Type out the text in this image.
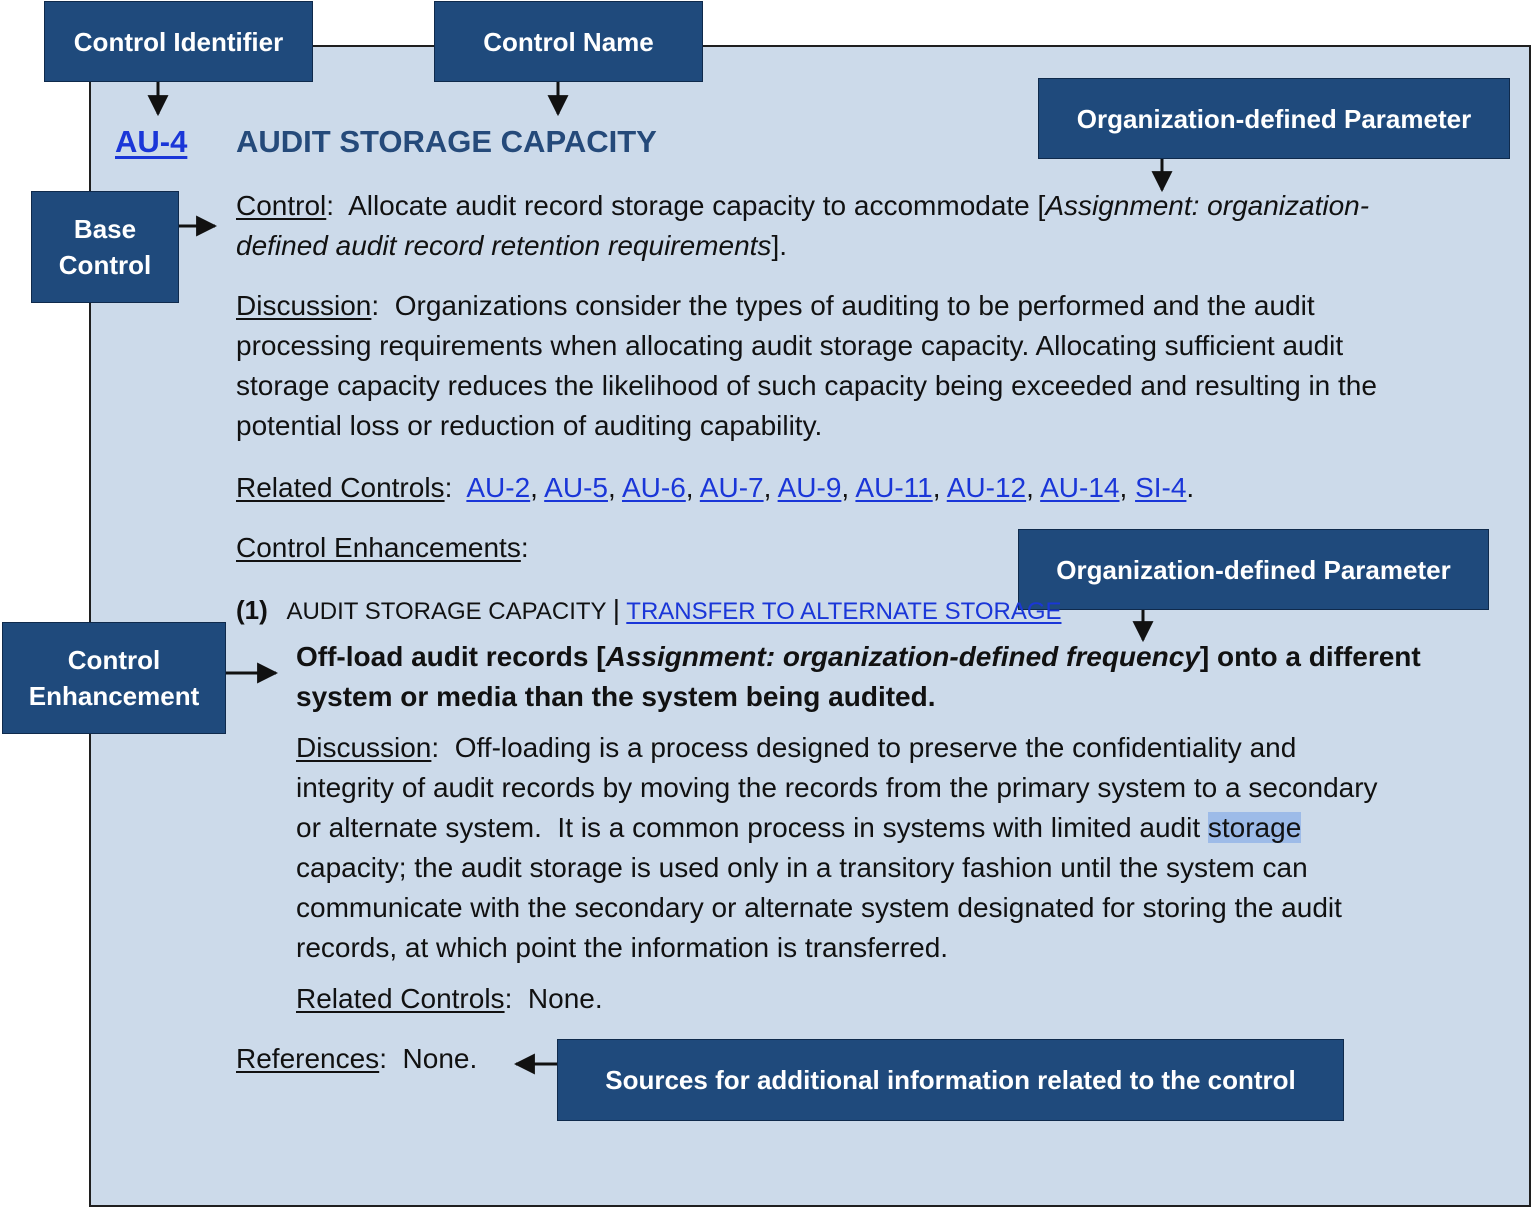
Control Identifier	Control Name
Organization-defined Parameter
Base
Control
Organization-defined Parameter
Control
Enhancement
Sources for additional information related to the control
AU-4 AUDIT STORAGE CAPACITY
Control:  Allocate audit record storage capacity to accommodate [Assignment: organization-
defined audit record retention requirements].
Discussion:  Organizations consider the types of auditing to be performed and the audit
processing requirements when allocating audit storage capacity. Allocating sufficient audit
storage capacity reduces the likelihood of such capacity being exceeded and resulting in the
potential loss or reduction of auditing capability.
Related Controls:  AU-2, AU-5, AU-6, AU-7, AU-9, AU-11, AU-12, AU-14, SI-4.
Control Enhancements :
(1) AUDIT STORAGE CAPACITY | TRANSFER TO ALTERNATE STORAGE
Off-load audit records [Assignment: organization-defined frequency] onto a different
system or media than the system being audited.
Discussion:  Off-loading is a process designed to preserve the confidentiality and
integrity of audit records by moving the records from the primary system to a secondary
or alternate system.  It is a common process in systems with limited audit storage
capacity; the audit storage is used only in a transitory fashion until the system can
communicate with the secondary or alternate system designated for storing the audit
records, at which point the information is transferred.
Related Controls:  None.
References:  None.
